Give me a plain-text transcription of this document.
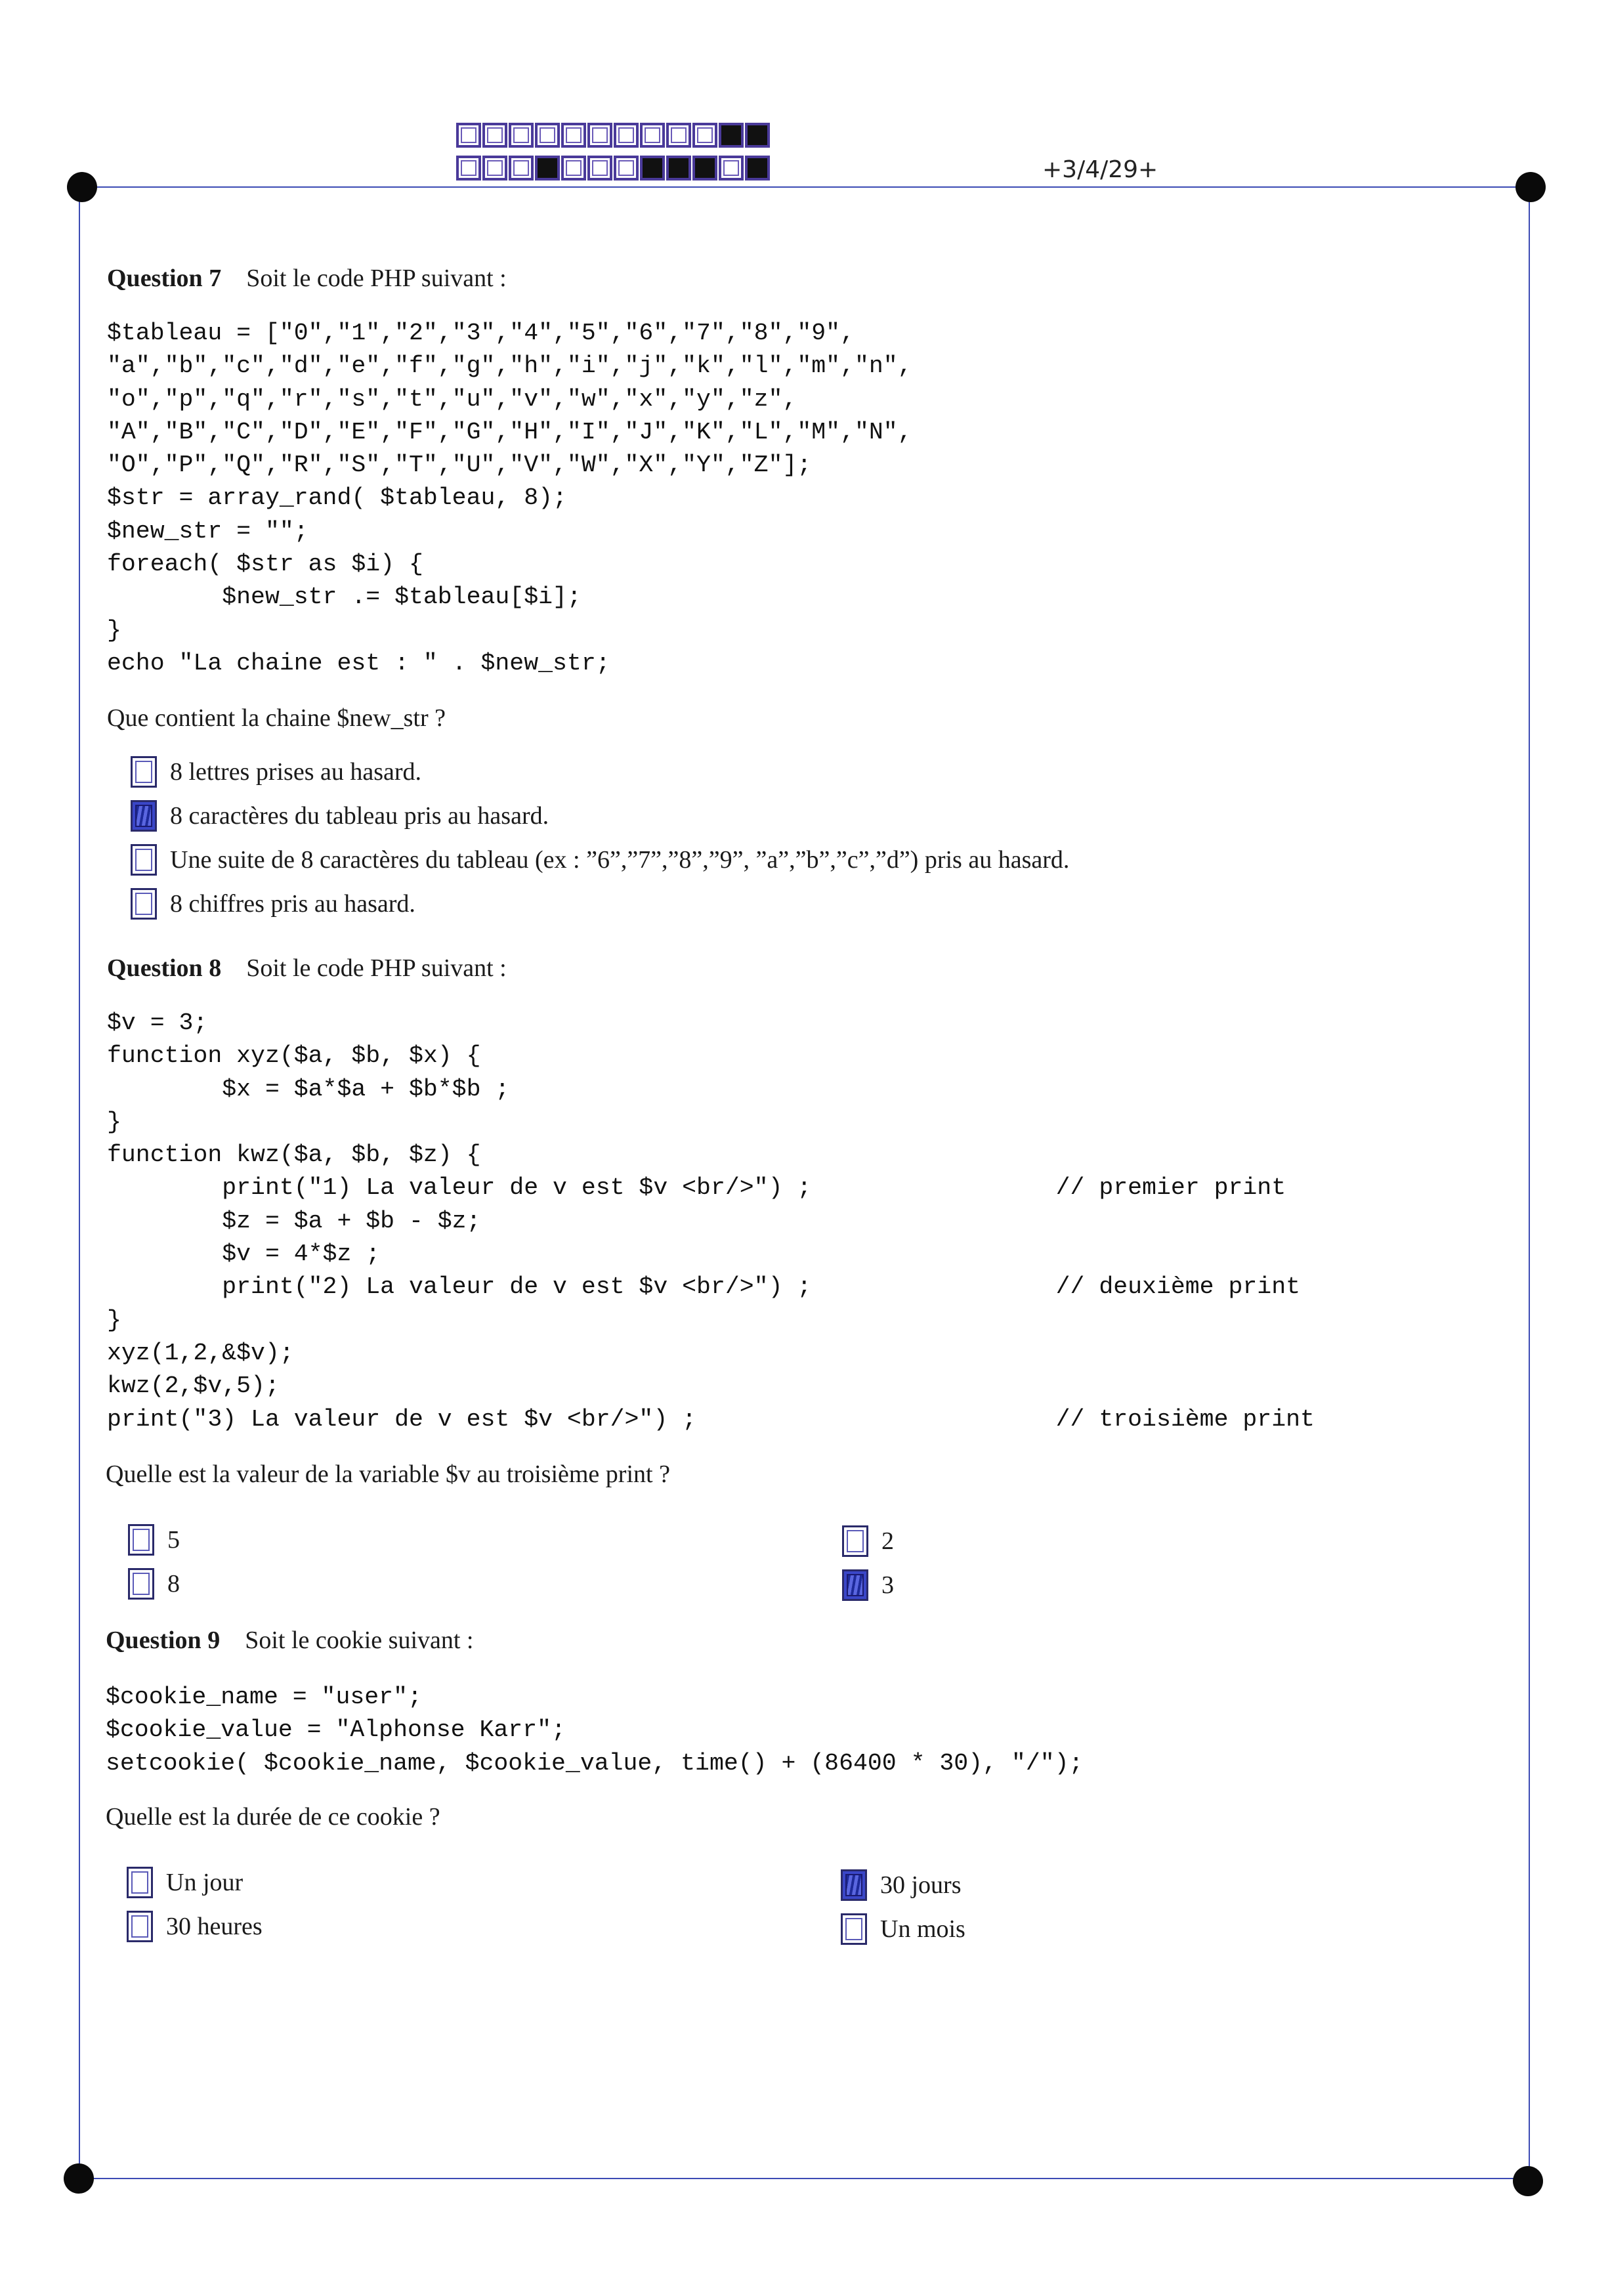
+3/4/29+
Question 7 Soit le code PHP suivant :
$tableau = ["0","1","2","3","4","5","6","7","8","9",
"a","b","c","d","e","f","g","h","i","j","k","l","m","n",
"o","p","q","r","s","t","u","v","w","x","y","z",
"A","B","C","D","E","F","G","H","I","J","K","L","M","N",
"O","P","Q","R","S","T","U","V","W","X","Y","Z"];
$str = array_rand( $tableau, 8);
$new_str = "";
foreach( $str as $i) {
$new_str .= $tableau[$i];
}
echo "La chaine est : " . $new_str;
Que contient la chaine $new_str ?
8 lettres prises au hasard.
8 caractères du tableau pris au hasard.
Une suite de 8 caractères du tableau (ex : ”6”,”7”,”8”,”9”, ”a”,”b”,”c”,”d”) pris au hasard.
8 chiffres pris au hasard.
Question 8 Soit le code PHP suivant :
$v = 3;
function xyz($a, $b, $x) {
$x = $a*$a + $b*$b ;
}
function kwz($a, $b, $z) {
print("1) La valeur de v est $v <br/>") ;                 // premier print
$z = $a + $b - $z;
$v = 4*$z ;
print("2) La valeur de v est $v <br/>") ;                 // deuxième print
}
xyz(1,2,&$v);
kwz(2,$v,5);
print("3) La valeur de v est $v <br/>") ;                         // troisième print
Quelle est la valeur de la variable $v au troisième print ?
5
8
2
3
Question 9 Soit le cookie suivant :
$cookie_name = "user";
$cookie_value = "Alphonse Karr";
setcookie( $cookie_name, $cookie_value, time() + (86400 * 30), "/");
Quelle est la durée de ce cookie ?
Un jour
30 heures
30 jours
Un mois
